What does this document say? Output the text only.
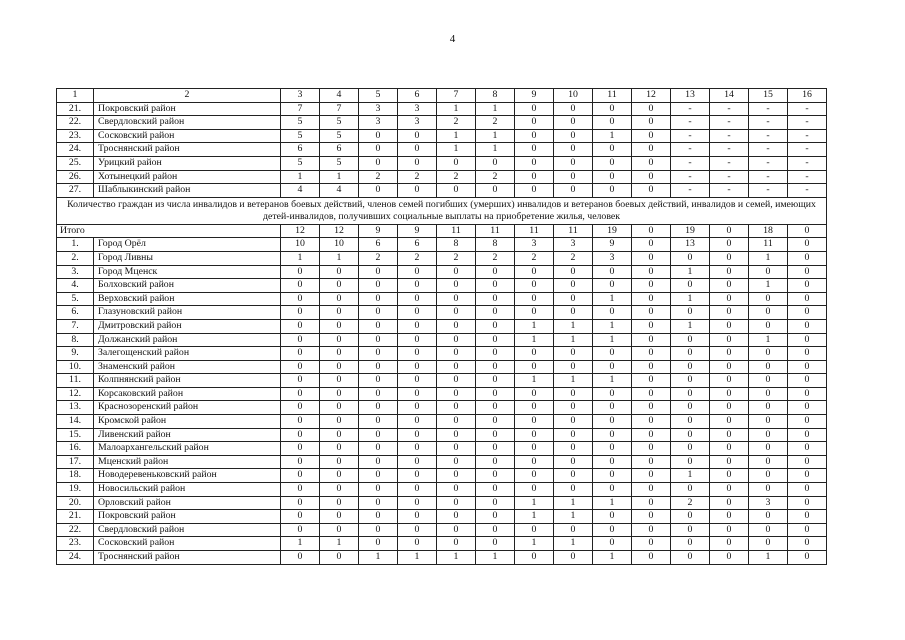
4
1	2	3	4	5	6	7	8	9	10	11	12	13	14	15	16
21.	Покровский район	7	7	3	3	1	1	0	0	0	0	-	-	-	-
22.	Свердловский район	5	5	3	3	2	2	0	0	0	0	-	-	-	-
23.	Сосковский район	5	5	0	0	1	1	0	0	1	0	-	-	-	-
24.	Троснянский район	6	6	0	0	1	1	0	0	0	0	-	-	-	-
25.	Урицкий район	5	5	0	0	0	0	0	0	0	0	-	-	-	-
26.	Хотынецкий район	1	1	2	2	2	2	0	0	0	0	-	-	-	-
27.	Шаблыкинский район	4	4	0	0	0	0	0	0	0	0	-	-	-	-
Количество граждан из числа инвалидов и ветеранов боевых действий, членов семей погибших (умерших) инвалидов и ветеранов боевых действий, инвалидов и семей, имеющих детей-инвалидов, получивших социальные выплаты на приобретение жилья, человек															
Итого		12	12	9	9	11	11	11	11	19	0	19	0	18	0
1.	Город Орёл	10	10	6	6	8	8	3	3	9	0	13	0	11	0
2.	Город Ливны	1	1	2	2	2	2	2	2	3	0	0	0	1	0
3.	Город Мценск	0	0	0	0	0	0	0	0	0	0	1	0	0	0
4.	Болховский район	0	0	0	0	0	0	0	0	0	0	0	0	1	0
5.	Верховский район	0	0	0	0	0	0	0	0	1	0	1	0	0	0
6.	Глазуновский район	0	0	0	0	0	0	0	0	0	0	0	0	0	0
7.	Дмитровский район	0	0	0	0	0	0	1	1	1	0	1	0	0	0
8.	Должанский район	0	0	0	0	0	0	1	1	1	0	0	0	1	0
9.	Залегощенский район	0	0	0	0	0	0	0	0	0	0	0	0	0	0
10.	Знаменский район	0	0	0	0	0	0	0	0	0	0	0	0	0	0
11.	Колпнянский район	0	0	0	0	0	0	1	1	1	0	0	0	0	0
12.	Корсаковский район	0	0	0	0	0	0	0	0	0	0	0	0	0	0
13.	Краснозоренский район	0	0	0	0	0	0	0	0	0	0	0	0	0	0
14.	Кромской район	0	0	0	0	0	0	0	0	0	0	0	0	0	0
15.	Ливенский район	0	0	0	0	0	0	0	0	0	0	0	0	0	0
16.	Малоархангельский район	0	0	0	0	0	0	0	0	0	0	0	0	0	0
17.	Мценский район	0	0	0	0	0	0	0	0	0	0	0	0	0	0
18.	Новодеревеньковский район	0	0	0	0	0	0	0	0	0	0	1	0	0	0
19.	Новосильский район	0	0	0	0	0	0	0	0	0	0	0	0	0	0
20.	Орловский район	0	0	0	0	0	0	1	1	1	0	2	0	3	0
21.	Покровский район	0	0	0	0	0	0	1	1	0	0	0	0	0	0
22.	Свердловский район	0	0	0	0	0	0	0	0	0	0	0	0	0	0
23.	Сосковский район	1	1	0	0	0	0	1	1	0	0	0	0	0	0
24.	Троснянский район	0	0	1	1	1	1	0	0	1	0	0	0	1	0
